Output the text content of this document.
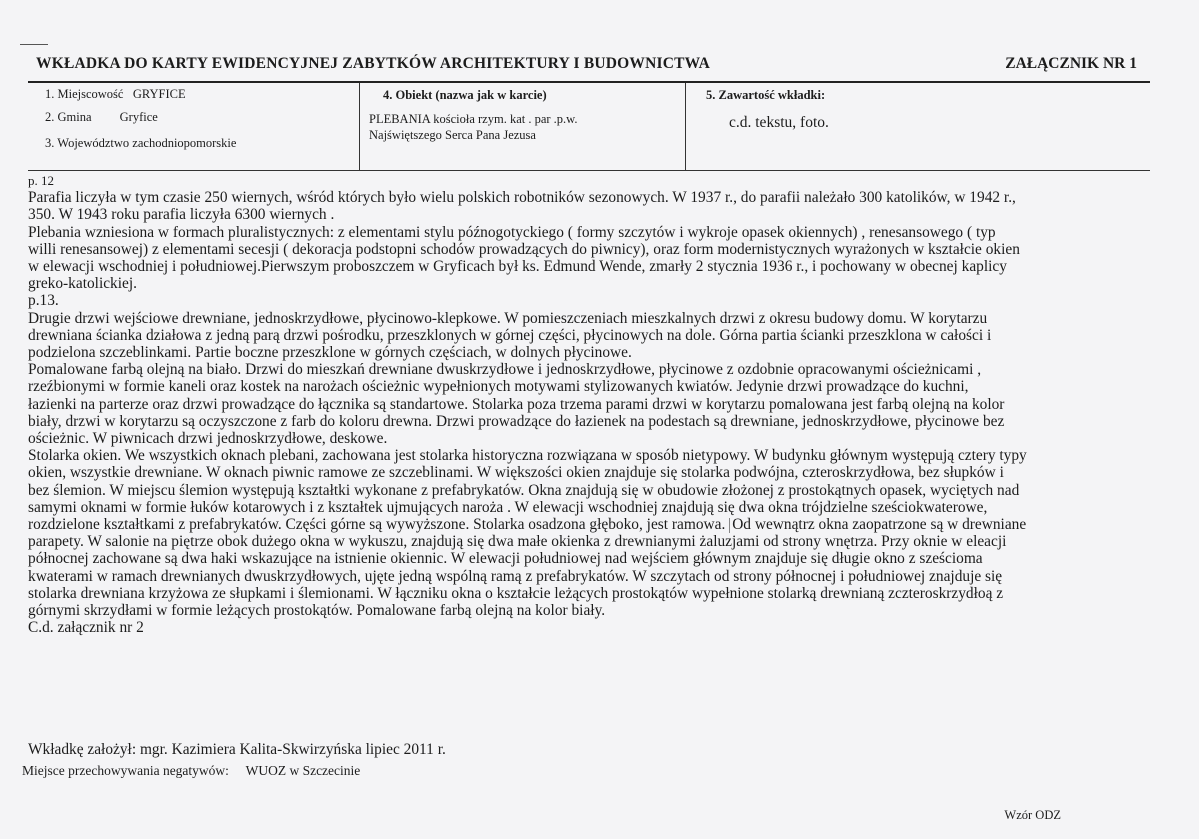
WKŁADKA DO KARTY EWIDENCYJNEJ ZABYTKÓW ARCHITEKTURY I BUDOWNICTWA	ZAŁĄCZNIK NR 1
1. Miejscowość GRYFICE
2. Gmina Gryfice
3. Województwo zachodniopomorskie
4. Obiekt (nazwa jak w karcie)
PLEBANIA kościoła rzym. kat . par .p.w.
Najświętszego Serca Pana Jezusa
5. Zawartość wkładki:
c.d. tekstu, foto.
p. 12
Parafia liczyła w tym czasie 250 wiernych, wśród których było wielu polskich robotników sezonowych. W 1937 r., do parafii należało 300 katolików, w 1942 r.,
350. W 1943 roku parafia liczyła 6300 wiernych .
Plebania wzniesiona w formach pluralistycznych: z elementami stylu późnogotyckiego ( formy szczytów i wykroje opasek okiennych) , renesansowego ( typ
willi renesansowej) z elementami secesji ( dekoracja podstopni schodów prowadzących do piwnicy), oraz form modernistycznych wyrażonych w kształcie okien
w elewacji wschodniej i południowej.Pierwszym proboszczem w Gryficach był ks. Edmund Wende, zmarły 2 stycznia 1936 r., i pochowany w obecnej kaplicy
greko-katolickiej.
p.13.
Drugie drzwi wejściowe drewniane, jednoskrzydłowe, płycinowo-klepkowe. W pomieszczeniach mieszkalnych drzwi z okresu budowy domu. W korytarzu
drewniana ścianka działowa z jedną parą drzwi pośrodku, przeszklonych w górnej części, płycinowych na dole. Górna partia ścianki przeszklona w całości i
podzielona szczeblinkami. Partie boczne przeszklone w górnych częściach, w dolnych płycinowe.
Pomalowane farbą olejną na biało. Drzwi do mieszkań drewniane dwuskrzydłowe i jednoskrzydłowe, płycinowe z ozdobnie opracowanymi ościeżnicami ,
rzeźbionymi w formie kaneli oraz kostek na narożach ościeżnic wypełnionych motywami stylizowanych kwiatów. Jedynie drzwi prowadzące do kuchni,
łazienki na parterze oraz drzwi prowadzące do łącznika są standartowe. Stolarka poza trzema parami drzwi w korytarzu pomalowana jest farbą olejną na kolor
biały, drzwi w korytarzu są oczyszczone z farb do koloru drewna. Drzwi prowadzące do łazienek na podestach są drewniane, jednoskrzydłowe, płycinowe bez
ościeżnic. W piwnicach drzwi jednoskrzydłowe, deskowe.
Stolarka okien. We wszystkich oknach plebani, zachowana jest stolarka historyczna rozwiązana w sposób nietypowy. W budynku głównym występują cztery typy
okien, wszystkie drewniane. W oknach piwnic ramowe ze szczeblinami. W większości okien znajduje się stolarka podwójna, czteroskrzydłowa, bez słupków i
bez ślemion. W miejscu ślemion występują kształtki wykonane z prefabrykatów. Okna znajdują się w obudowie złożonej z prostokątnych opasek, wyciętych nad
samymi oknami w formie łuków kotarowych i z kształtek ujmujących naroża . W elewacji wschodniej znajdują się dwa okna trójdzielne sześciokwaterowe,
rozdzielone kształtkami z prefabrykatów. Części górne są wywyższone. Stolarka osadzona głęboko, jest ramowa. Od wewnątrz okna zaopatrzone są w drewniane
parapety. W salonie na piętrze obok dużego okna w wykuszu, znajdują się dwa małe okienka z drewnianymi żaluzjami od strony wnętrza. Przy oknie w eleacji
północnej zachowane są dwa haki wskazujące na istnienie okiennic. W elewacji południowej nad wejściem głównym znajduje się długie okno z sześcioma
kwaterami w ramach drewnianych dwuskrzydłowych, ujęte jedną wspólną ramą z prefabrykatów. W szczytach od strony północnej i południowej znajduje się
stolarka drewniana krzyżowa ze słupkami i ślemionami. W łączniku okna o kształcie leżących prostokątów wypełnione stolarką drewnianą zczteroskrzydłoą z
górnymi skrzydłami w formie leżących prostokątów. Pomalowane farbą olejną na kolor biały.
C.d. załącznik nr 2
Wkładkę założył: mgr. Kazimiera Kalita-Skwirzyńska lipiec 2011 r.
Miejsce przechowywania negatywów: WUOZ w Szczecinie
Wzór ODZ
